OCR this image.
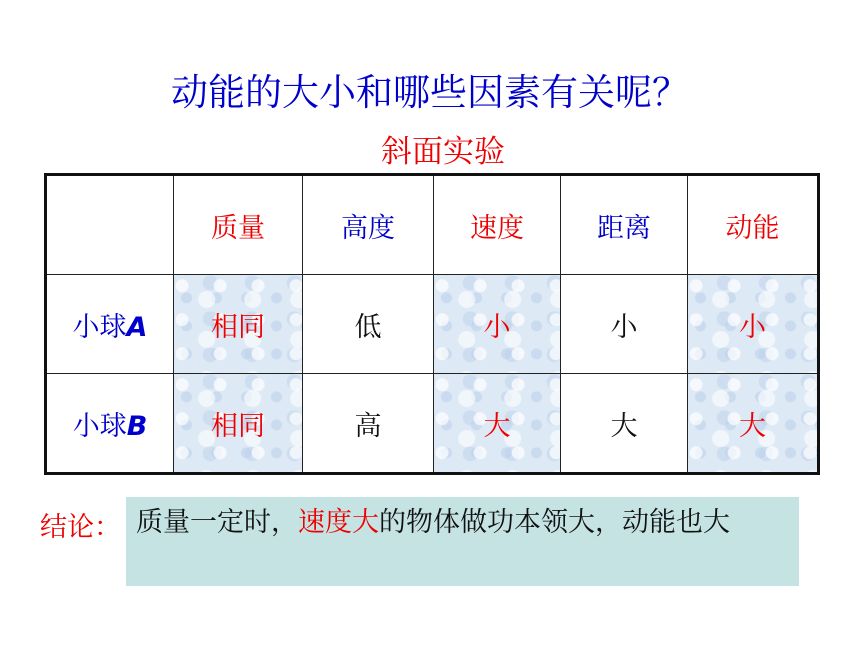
动能的大小和哪些因素有关呢？
斜面实验
	质量	高度	速度	距离	动能
小球A	相同	低	小	小	小
小球B	相同	高	大	大	大
结论： 质量一定时，速度大的物体做功本领大，动能也大
